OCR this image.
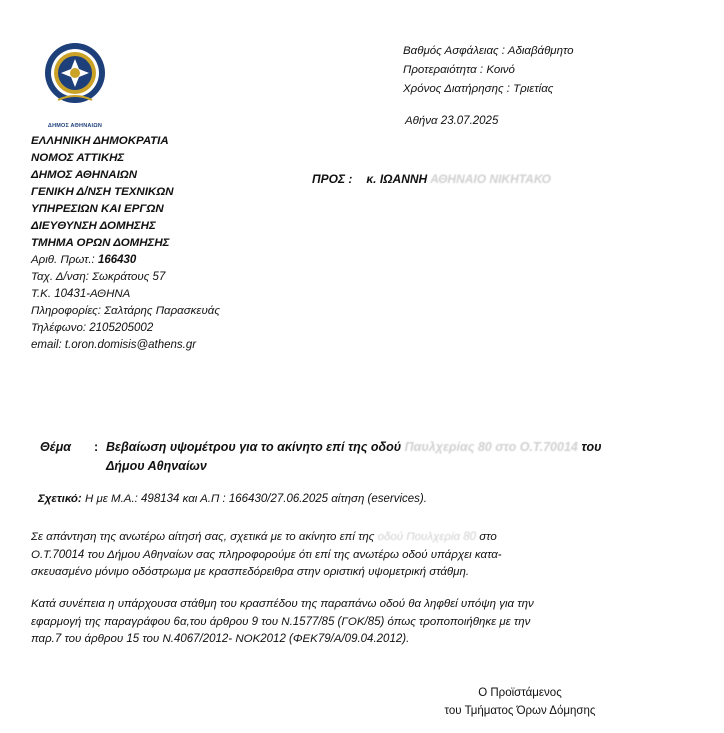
ΔΗΜΟΣ ΑΘΗΝΑΙΩΝ
ΕΛΛΗΝΙΚΗ ΔΗΜΟΚΡΑΤΙΑ
ΝΟΜΟΣ ΑΤΤΙΚΗΣ
ΔΗΜΟΣ ΑΘΗΝΑΙΩΝ
ΓΕΝΙΚΗ Δ/ΝΣΗ ΤΕΧΝΙΚΩΝ
ΥΠΗΡΕΣΙΩΝ ΚΑΙ ΕΡΓΩΝ
ΔΙΕΥΘΥΝΣΗ ΔΟΜΗΣΗΣ
ΤΜΗΜΑ ΟΡΩΝ ΔΟΜΗΣΗΣ
Αριθ. Πρωτ.: 166430
Ταχ. Δ/νση: Σωκράτους 57
Τ.Κ. 10431-ΑΘΗΝΑ
Πληροφορίες: Σαλτάρης Παρασκευάς
Τηλέφωνο: 2105205002
email: t.oron.domisis@athens.gr
Βαθμός Ασφάλειας : Αδιαβάθμητο
Προτεραιότητα : Κοινό
Χρόνος Διατήρησης : Τριετίας
Αθήνα 23.07.2025
ΠΡΟΣ : κ. ΙΩΑΝΝΗ ΑΘΗΝΑΙΟ ΝΙΚΗΤΑΚΟ
Θέμα : Βεβαίωση υψομέτρου για το ακίνητο επί της οδού Παυλχερίας 80 στο Ο.Τ.70014 του
Δήμου Αθηναίων
Σχετικό: Η με Μ.Α.: 498134 και Α.Π : 166430/27.06.2025 αίτηση (eservices).
Σε απάντηση της ανωτέρω αίτησή σας, σχετικά με το ακίνητο επί της οδού Πουλχερία 80 στο
Ο.Τ.70014 του Δήμου Αθηναίων σας πληροφορούμε ότι επί της ανωτέρω οδού υπάρχει κατα-
σκευασμένο μόνιμο οδόστρωμα με κρασπεδόρειθρα στην οριστική υψομετρική στάθμη.
Κατά συνέπεια η υπάρχουσα στάθμη του κρασπέδου της παραπάνω οδού θα ληφθεί υπόψη για την
εφαρμογή της παραγράφου 6α,του άρθρου 9 του Ν.1577/85 (ΓΟΚ/85) όπως τροποποιήθηκε με την
παρ.7 του άρθρου 15 του Ν.4067/2012- ΝΟΚ2012 (ΦΕΚ79/Α/09.04.2012).
Ο Προϊστάμενος
του Τμήματος Όρων Δόμησης
